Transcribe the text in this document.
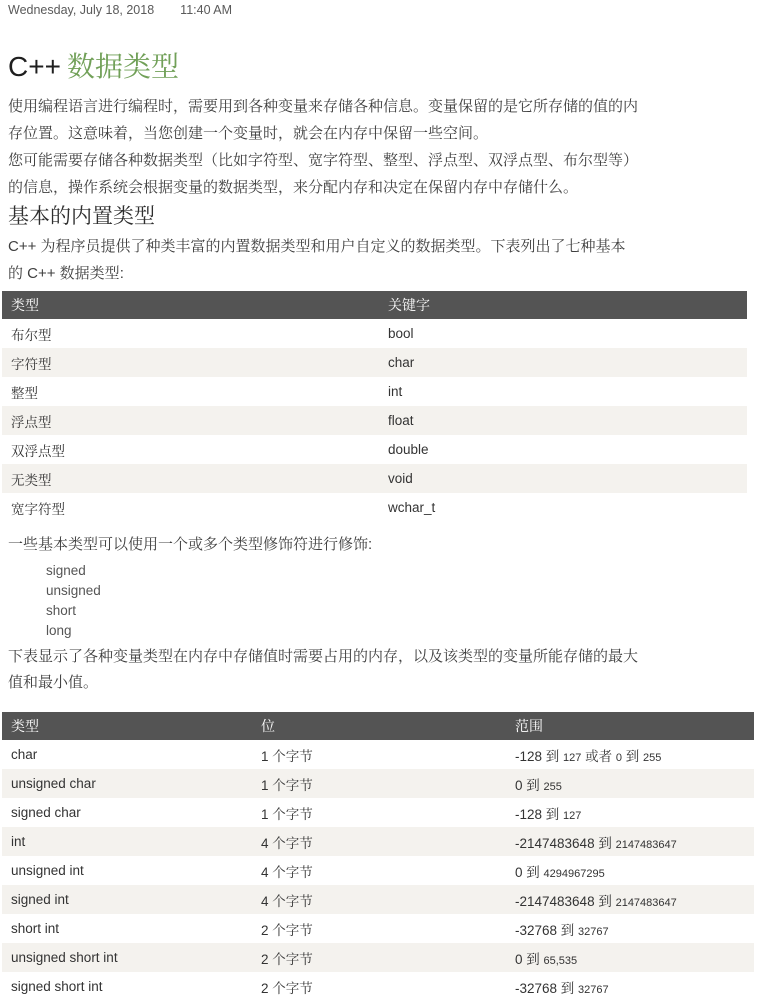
Wednesday, July 18, 2018 11:40 AM
C++ 数据类型

使用编程语言进行编程时，需要用到各种变量来存储各种信息。变量保留的是它所存储的值的内存位置。这意味着，当您创建一个变量时，就会在内存中保留一些空间。

您可能需要存储各种数据类型（比如字符型、宽字符型、整型、浮点型、双浮点型、布尔型等）的信息，操作系统会根据变量的数据类型，来分配内存和决定在保留内存中存储什么。

基本的内置类型

C++ 为程序员提供了种类丰富的内置数据类型和用户自定义的数据类型。下表列出了七种基本的 C++ 数据类型:

类型	关键字
布尔型	bool
字符型	char
整型	int
浮点型	float
双浮点型	double
无类型	void
宽字符型	wchar_t

一些基本类型可以使用一个或多个类型修饰符进行修饰:

signed
unsigned
short
long

下表显示了各种变量类型在内存中存储值时需要占用的内存，以及该类型的变量所能存储的最大值和最小值。

类型	位	范围
char	1 个字节	-128 到 127 或者 0 到 255
unsigned char	1 个字节	0 到 255
signed char	1 个字节	-128 到 127
int	4 个字节	-2147483648 到 2147483647
unsigned int	4 个字节	0 到 4294967295
signed int	4 个字节	-2147483648 到 2147483647
short int	2 个字节	-32768 到 32767
unsigned short int	2 个字节	0 到 65,535
signed short int	2 个字节	-32768 到 32767
